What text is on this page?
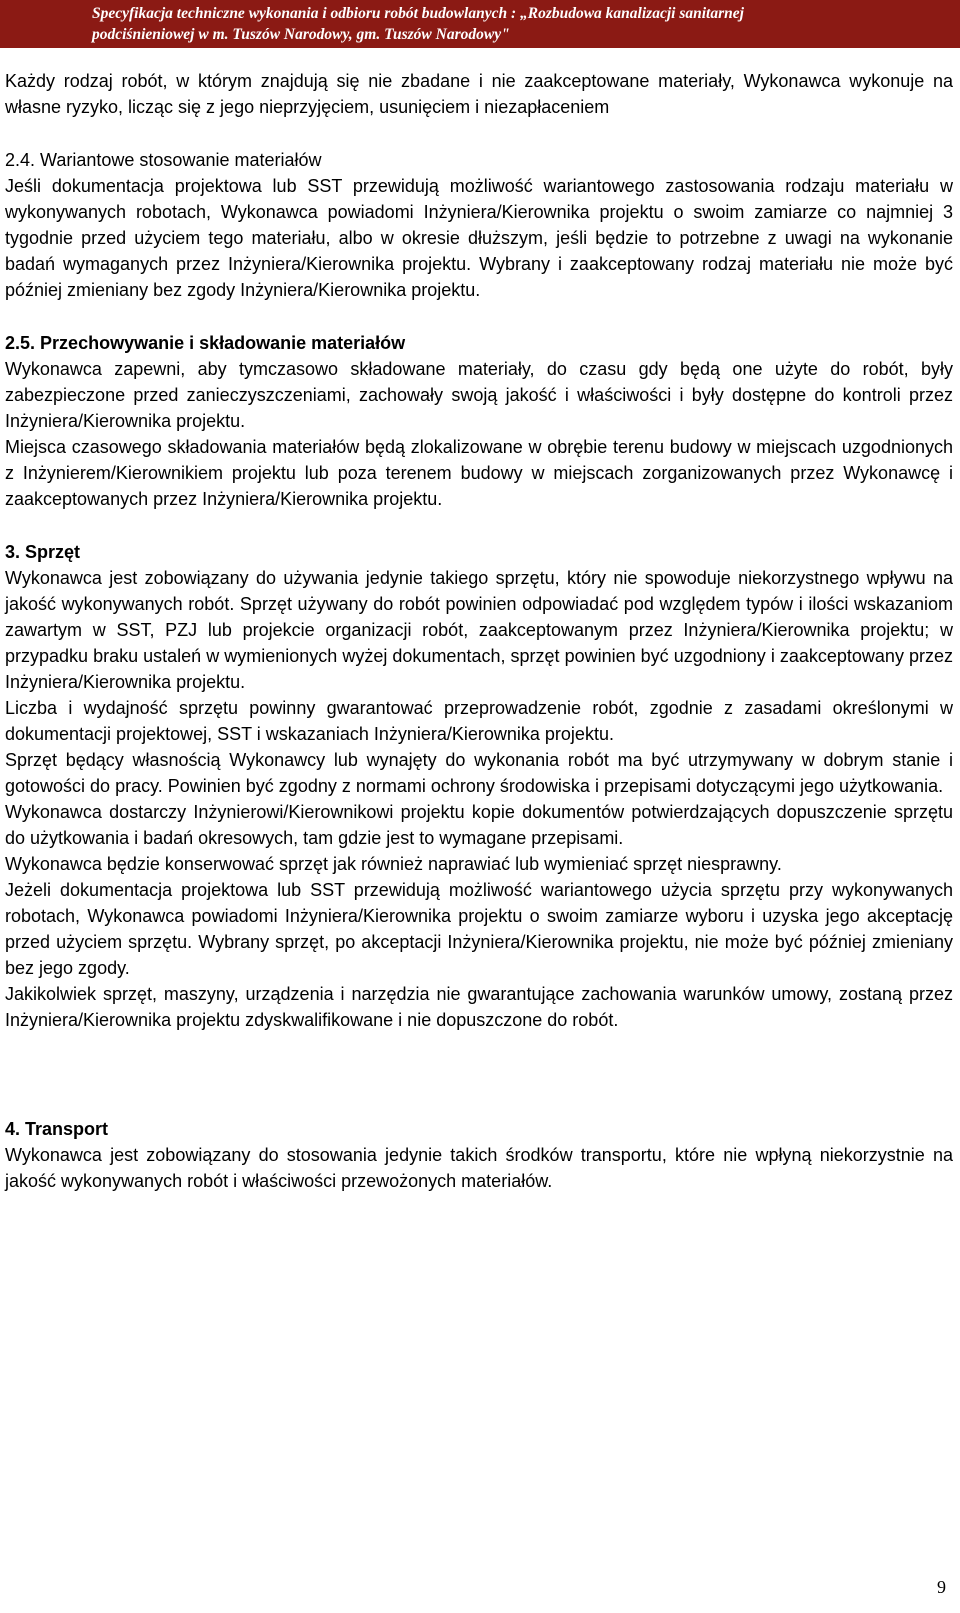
Specyfikacja techniczne wykonania i odbioru robót budowlanych : „Rozbudowa kanalizacji sanitarnej
podciśnieniowej w m. Tuszów Narodowy, gm. Tuszów Narodowy"

Każdy rodzaj robót, w którym znajdują się nie zbadane i nie zaakceptowane materiały, Wykonawca wykonuje na własne ryzyko, licząc się z jego nieprzyjęciem, usunięciem i niezapłaceniem

2.4. Wariantowe stosowanie materiałów

Jeśli dokumentacja projektowa lub SST przewidują możliwość wariantowego zastosowania rodzaju materiału w wykonywanych robotach, Wykonawca powiadomi Inżyniera/Kierownika projektu o swoim zamiarze co najmniej 3 tygodnie przed użyciem tego materiału, albo w okresie dłuższym, jeśli będzie to potrzebne z uwagi na wykonanie badań wymaganych przez Inżyniera/Kierownika projektu. Wybrany i zaakceptowany rodzaj materiału nie może być później zmieniany bez zgody Inżyniera/Kierownika projektu.

2.5. Przechowywanie i składowanie materiałów

Wykonawca zapewni, aby tymczasowo składowane materiały, do czasu gdy będą one użyte do robót, były zabezpieczone przed zanieczyszczeniami, zachowały swoją jakość i właściwości i były dostępne do kontroli przez Inżyniera/Kierownika projektu.

Miejsca czasowego składowania materiałów będą zlokalizowane w obrębie terenu budowy w miejscach uzgodnionych z Inżynierem/Kierownikiem projektu lub poza terenem budowy w miejscach zorganizowanych przez Wykonawcę i zaakceptowanych przez Inżyniera/Kierownika projektu.

3. Sprzęt

Wykonawca jest zobowiązany do używania jedynie takiego sprzętu, który nie spowoduje niekorzystnego wpływu na jakość wykonywanych robót. Sprzęt używany do robót powinien odpowiadać pod względem typów i ilości wskazaniom zawartym w SST, PZJ lub projekcie organizacji robót, zaakceptowanym przez Inżyniera/Kierownika projektu; w przypadku braku ustaleń w wymienionych wyżej dokumentach, sprzęt powinien być uzgodniony i zaakceptowany przez Inżyniera/Kierownika projektu.

Liczba i wydajność sprzętu powinny gwarantować przeprowadzenie robót, zgodnie z zasadami określonymi w dokumentacji projektowej, SST i wskazaniach Inżyniera/Kierownika projektu.

Sprzęt będący własnością Wykonawcy lub wynajęty do wykonania robót ma być utrzymywany w dobrym stanie i gotowości do pracy. Powinien być zgodny z normami ochrony środowiska i przepisami dotyczącymi jego użytkowania.

Wykonawca dostarczy Inżynierowi/Kierownikowi projektu kopie dokumentów potwierdzających dopuszczenie sprzętu do użytkowania i badań okresowych, tam gdzie jest to wymagane przepisami.

Wykonawca będzie konserwować sprzęt jak również naprawiać lub wymieniać sprzęt niesprawny.

Jeżeli dokumentacja projektowa lub SST przewidują możliwość wariantowego użycia sprzętu przy wykonywanych robotach, Wykonawca powiadomi Inżyniera/Kierownika projektu o swoim zamiarze wyboru i uzyska jego akceptację przed użyciem sprzętu. Wybrany sprzęt, po akceptacji Inżyniera/Kierownika projektu, nie może być później zmieniany bez jego zgody.

Jakikolwiek sprzęt, maszyny, urządzenia i narzędzia nie gwarantujące zachowania warunków umowy, zostaną przez Inżyniera/Kierownika projektu zdyskwalifikowane i nie dopuszczone do robót.

4. Transport

Wykonawca jest zobowiązany do stosowania jedynie takich środków transportu, które nie wpłyną niekorzystnie na jakość wykonywanych robót i właściwości przewożonych materiałów.

9
